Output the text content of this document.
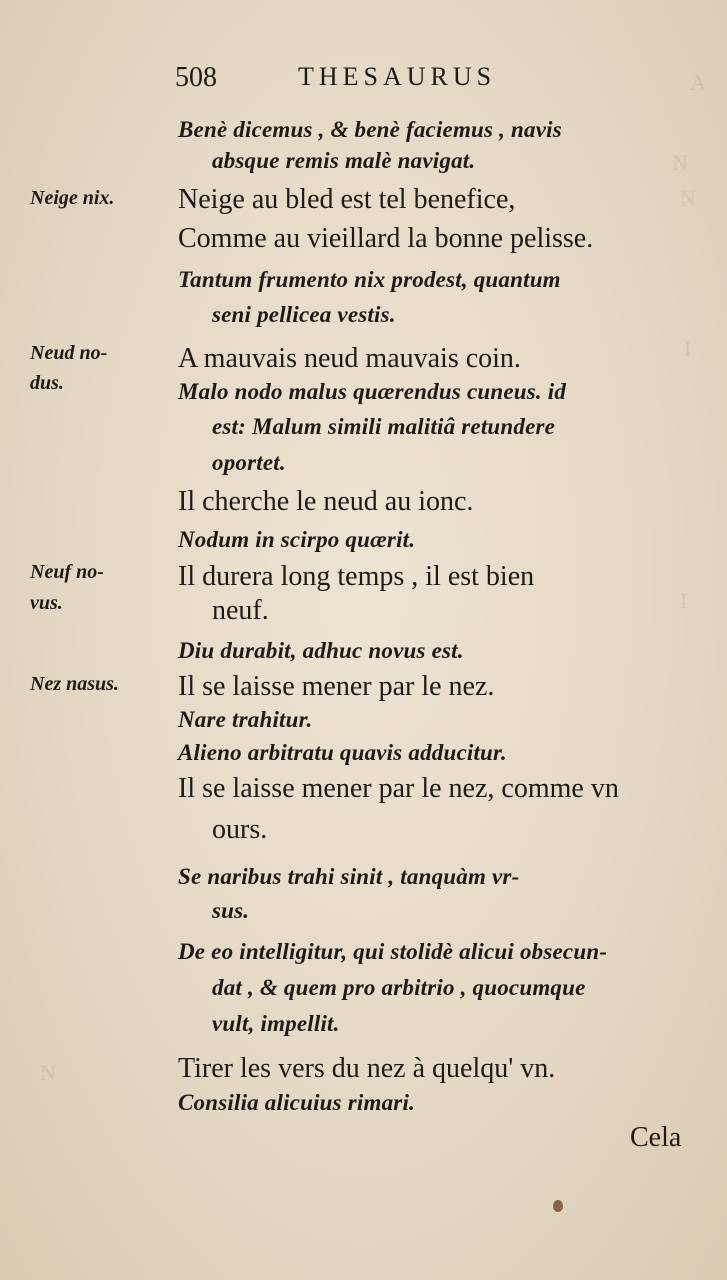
A
N
N
I
I
N
508	THESAURUS
Benè dicemus , & benè faciemus , navis
absque remis malè navigat.
Neige nix. Neige au bled est tel benefice,
Comme au vieillard la bonne pelisse.
Tantum frumento nix prodest, quantum
seni pellicea vestis.
Neud no-
dus.
A mauvais neud mauvais coin.
Malo nodo malus quærendus cuneus. id
est: Malum simili malitiâ retundere
oportet.
Il cherche le neud au ionc.
Nodum in scirpo quærit.
Neuf no-
vus.
Il durera long temps , il est bien
neuf.
Diu durabit, adhuc novus est.
Nez nasus. Il se laisse mener par le nez.
Nare trahitur.
Alieno arbitratu quavis adducitur.
Il se laisse mener par le nez, comme vn
ours.
Se naribus trahi sinit , tanquàm vr-
sus.
De eo intelligitur, qui stolidè alicui obsecun-
dat , & quem pro arbitrio , quocumque
vult, impellit.
Tirer les vers du nez à quelqu' vn.
Consilia alicuius rimari.
Cela
